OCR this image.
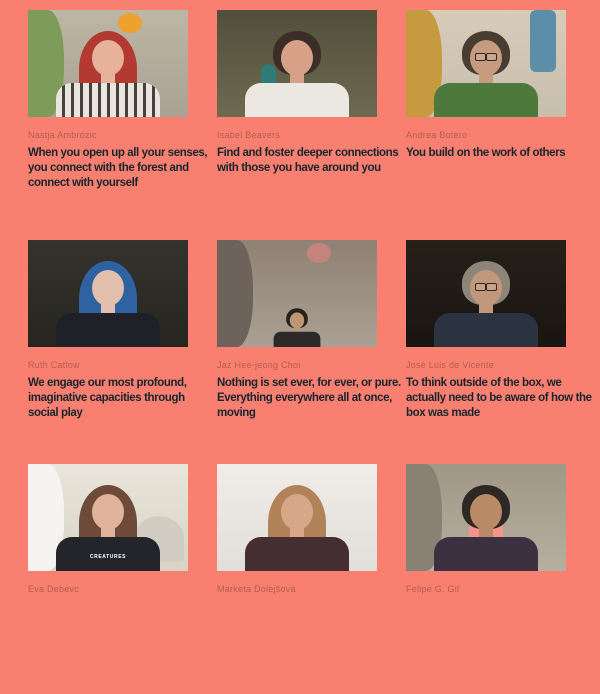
Nastja Ambrozic
When you open up all your senses, you connect with the forest and connect with yourself
Isabel Beavers
Find and foster deeper connections with those you have around you
Andrea Botero
You build on the work of others
Ruth Catlow
We engage our most profound, imaginative capacities through social play
Jaz Hee-jeong Choi
Nothing is set ever, for ever, or pure. Everything everywhere all at once, moving
José Luis de Vicente
To think outside of the box, we actually need to be aware of how the box was made
CREATURES
Eva Debevc	Marketa Dolejšová	Felipe G. Gil
